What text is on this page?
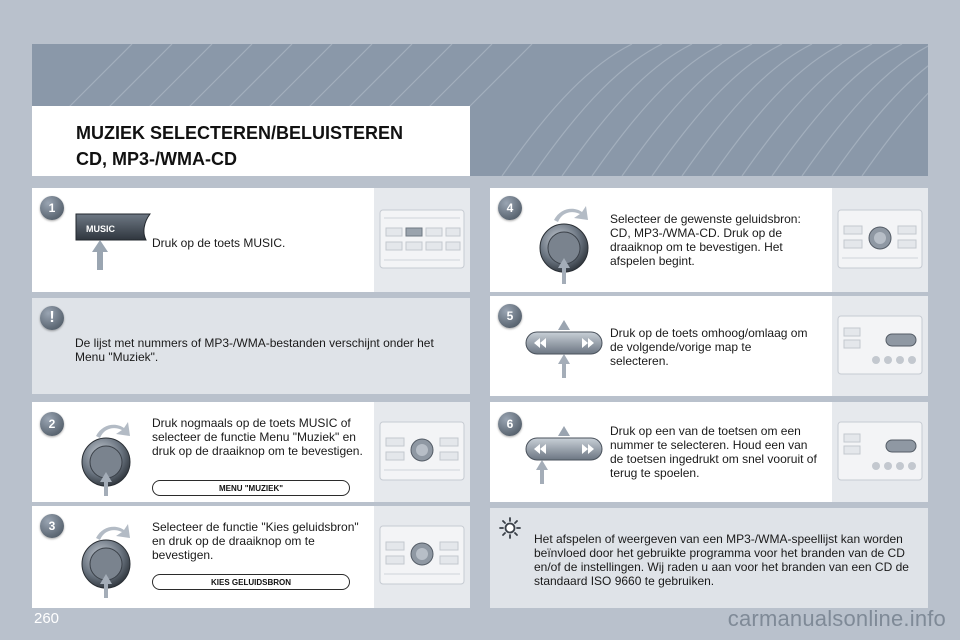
MUZIEK SELECTEREN/BELUISTEREN
CD, MP3-/WMA-CD
1
MUSIC
Druk op de toets MUSIC.
!
De lijst met nummers of MP3-/WMA-bestanden verschijnt onder het Menu "Muziek".
2	Druk nogmaals op de toets MUSIC of selecteer de functie Menu "Muziek" en druk op de draaiknop om te bevestigen.
MENU "MUZIEK"
3	Selecteer de functie "Kies geluidsbron" en druk op de draaiknop om te bevestigen.
KIES GELUIDSBRON
4
Selecteer de gewenste geluidsbron: CD, MP3-/WMA-CD. Druk op de draaiknop om te bevestigen. Het afspelen begint.
5
Druk op de toets omhoog/omlaag om de volgende/vorige map te selecteren.
6	Druk op een van de toetsen om een nummer te selecteren. Houd een van de toetsen ingedrukt om snel vooruit of terug te spoelen.
Het afspelen of weergeven van een MP3-/WMA-speellijst kan worden beïnvloed door het gebruikte programma voor het branden van de CD en/of de instellingen. Wij raden u aan voor het branden van een CD de standaard ISO 9660 te gebruiken.
260	carmanualsonline.info
